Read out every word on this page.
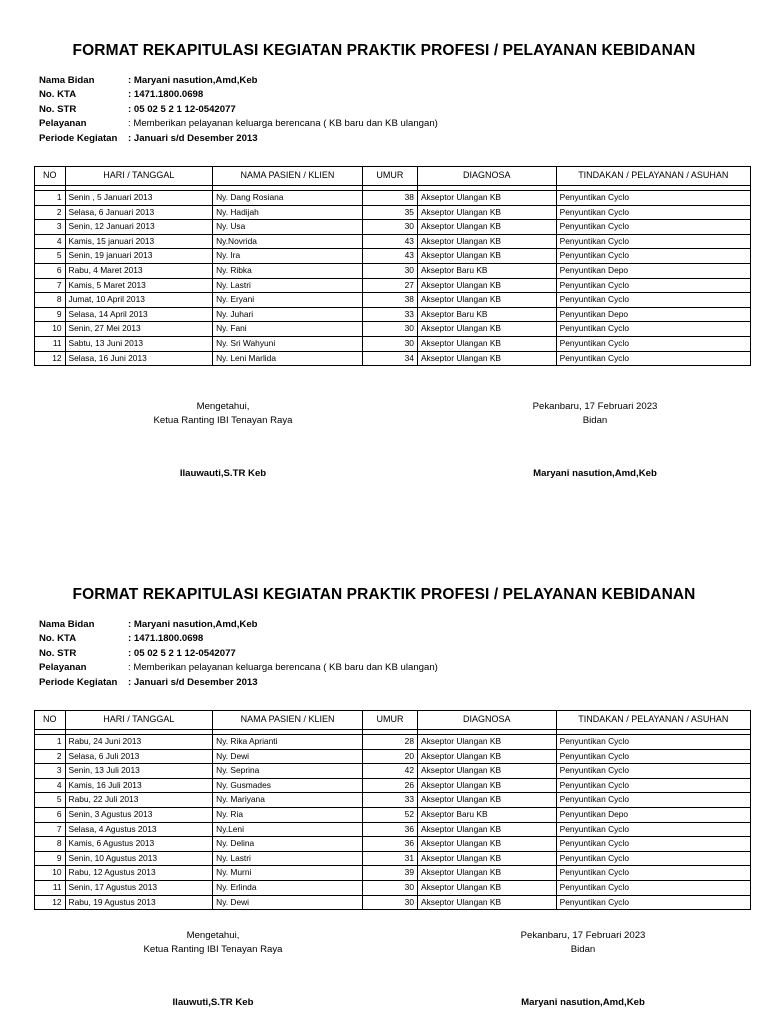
FORMAT REKAPITULASI KEGIATAN PRAKTIK PROFESI / PELAYANAN KEBIDANAN
Nama Bidan	: Maryani nasution,Amd,Keb
No. KTA	: 1471.1800.0698
No. STR	: 05 02 5 2 1 12-0542077
Pelayanan	: Memberikan pelayanan keluarga berencana ( KB baru dan KB ulangan)
Periode Kegiatan : Januari s/d Desember 2013
NO	HARI / TANGGAL	NAMA PASIEN / KLIEN	UMUR	DIAGNOSA	TINDAKAN / PELAYANAN / ASUHAN

1	Senin , 5 Januari 2013	Ny. Dang Rosiana	38	Akseptor Ulangan KB	Penyuntikan Cyclo
2	Selasa, 6 Januari 2013	Ny. Hadijah	35	Akseptor Ulangan KB	Penyuntikan Cyclo
3	Senin, 12 Januari 2013	Ny. Usa	30	Akseptor Ulangan KB	Penyuntikan Cyclo
4	Kamis, 15 januari 2013	Ny.Novrida	43	Akseptor Ulangan KB	Penyuntikan Cyclo
5	Senin, 19 januari 2013	Ny. Ira	43	Akseptor Ulangan KB	Penyuntikan Cyclo
6	Rabu, 4 Maret 2013	Ny. Ribka	30	Akseptor Baru KB	Penyuntikan Depo
7	Kamis, 5 Maret 2013	Ny. Lastri	27	Akseptor Ulangan KB	Penyuntikan Cyclo
8	Jumat, 10 April 2013	Ny. Eryani	38	Akseptor Ulangan KB	Penyuntikan Cyclo
9	Selasa, 14 April 2013	Ny. Juhari	33	Akseptor Baru KB	Penyuntikan Depo
10	Senin, 27 Mei 2013	Ny. Fani	30	Akseptor Ulangan KB	Penyuntikan Cyclo
11	Sabtu, 13 Juni 2013	Ny. Sri Wahyuni	30	Akseptor Ulangan KB	Penyuntikan Cyclo
12	Selasa, 16 Juni 2013	Ny. Leni Marlida	34	Akseptor Ulangan KB	Penyuntikan Cyclo
Mengetahui,
Ketua Ranting IBI Tenayan Raya
Ilauwauti,S.TR Keb
Pekanbaru, 17 Februari 2023
Bidan
Maryani nasution,Amd,Keb
FORMAT REKAPITULASI KEGIATAN PRAKTIK PROFESI / PELAYANAN KEBIDANAN
Nama Bidan	: Maryani nasution,Amd,Keb
No. KTA	: 1471.1800.0698
No. STR	: 05 02 5 2 1 12-0542077
Pelayanan	: Memberikan pelayanan keluarga berencana ( KB baru dan KB ulangan)
Periode Kegiatan : Januari s/d Desember 2013
NO	HARI / TANGGAL	NAMA PASIEN / KLIEN	UMUR	DIAGNOSA	TINDAKAN / PELAYANAN / ASUHAN

1	Rabu, 24 Juni 2013	Ny. Rika Aprianti	28	Akseptor Ulangan KB	Penyuntikan Cyclo
2	Selasa, 6 Juli 2013	Ny. Dewi	20	Akseptor Ulangan KB	Penyuntikan Cyclo
3	Senin, 13 Juli 2013	Ny. Seprina	42	Akseptor Ulangan KB	Penyuntikan Cyclo
4	Kamis, 16 Juli 2013	Ny. Gusmades	26	Akseptor Ulangan KB	Penyuntikan Cyclo
5	Rabu, 22 Juli 2013	Ny. Mariyana	33	Akseptor Ulangan KB	Penyuntikan Cyclo
6	Senin, 3 Agustus 2013	Ny. Ria	52	Akseptor Baru KB	Penyuntikan Depo
7	Selasa, 4 Agustus 2013	Ny.Leni	36	Akseptor Ulangan KB	Penyuntikan Cyclo
8	Kamis, 6 Agustus 2013	Ny. Delina	36	Akseptor Ulangan KB	Penyuntikan Cyclo
9	Senin, 10 Agustus 2013	Ny. Lastri	31	Akseptor Ulangan KB	Penyuntikan Cyclo
10	Rabu, 12 Agustus 2013	Ny. Murni	39	Akseptor Ulangan KB	Penyuntikan Cyclo
11	Senin, 17 Agustus 2013	Ny. Erlinda	30	Akseptor Ulangan KB	Penyuntikan Cyclo
12	Rabu, 19 Agustus 2013	Ny. Dewi	30	Akseptor Ulangan KB	Penyuntikan Cyclo
Mengetahui,
Ketua Ranting IBI Tenayan Raya
Ilauwuti,S.TR Keb
Pekanbaru, 17 Februari 2023
Bidan
Maryani nasution,Amd,Keb
